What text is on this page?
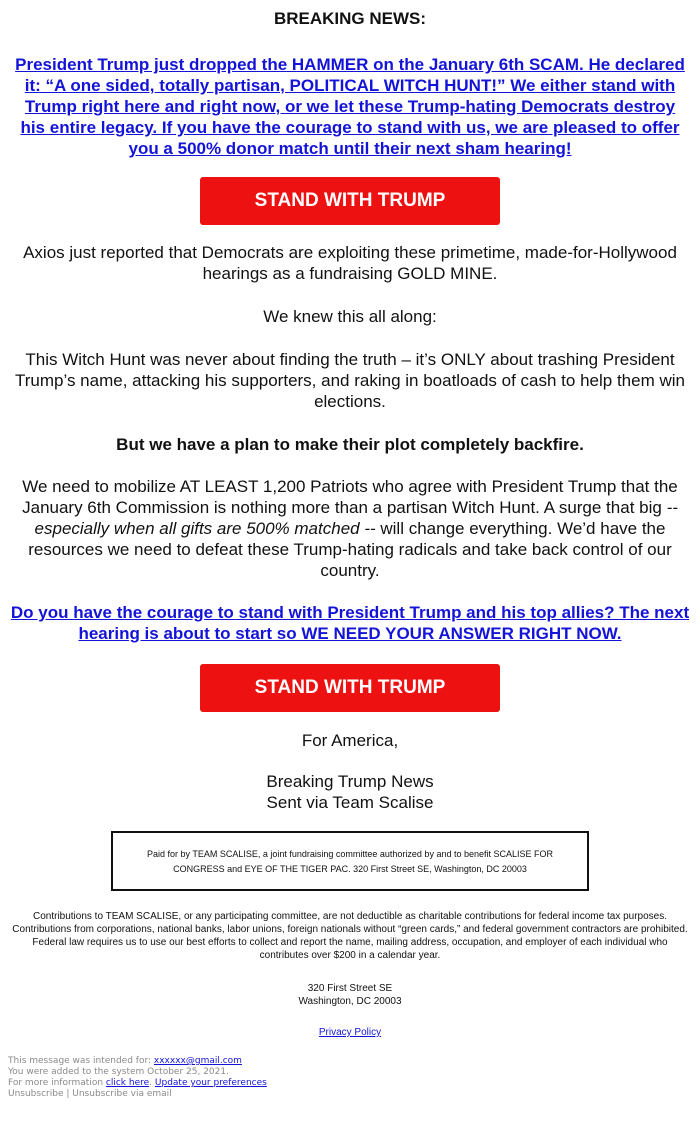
BREAKING NEWS:
President Trump just dropped the HAMMER on the January 6th SCAM. He declared it: “A one sided, totally partisan, POLITICAL WITCH HUNT!” We either stand with Trump right here and right now, or we let these Trump-hating Democrats destroy his entire legacy. If you have the courage to stand with us, we are pleased to offer you a 500% donor match until their next sham hearing!
STAND WITH TRUMP

Axios just reported that Democrats are exploiting these primetime, made-for-Hollywood hearings as a fundraising GOLD MINE.

We knew this all along:

This Witch Hunt was never about finding the truth – it’s ONLY about trashing President Trump’s name, attacking his supporters, and raking in boatloads of cash to help them win elections.

But we have a plan to make their plot completely backfire.

We need to mobilize AT LEAST 1,200 Patriots who agree with President Trump that the January 6th Commission is nothing more than a partisan Witch Hunt. A surge that big -- especially when all gifts are 500% matched -- will change everything. We’d have the resources we need to defeat these Trump-hating radicals and take back control of our country.

Do you have the courage to stand with President Trump and his top allies? The next hearing is about to start so WE NEED YOUR ANSWER RIGHT NOW.
STAND WITH TRUMP

For America,

Breaking Trump News

Sent via Team Scalise

Paid for by TEAM SCALISE, a joint fundraising committee authorized by and to benefit SCALISE FOR CONGRESS and EYE OF THE TIGER PAC. 320 First Street SE, Washington, DC 20003

Contributions to TEAM SCALISE, or any participating committee, are not deductible as charitable contributions for federal income tax purposes. Contributions from corporations, national banks, labor unions, foreign nationals without “green cards,” and federal government contractors are prohibited. Federal law requires us to use our best efforts to collect and report the name, mailing address, occupation, and employer of each individual who contributes over $200 in a calendar year.

320 First Street SE

Washington, DC 20003

Privacy Policy

This message was intended for: xxxxxx@gmail.com
You were added to the system October 25, 2021.
For more information click here. Update your preferences
Unsubscribe | Unsubscribe via email
